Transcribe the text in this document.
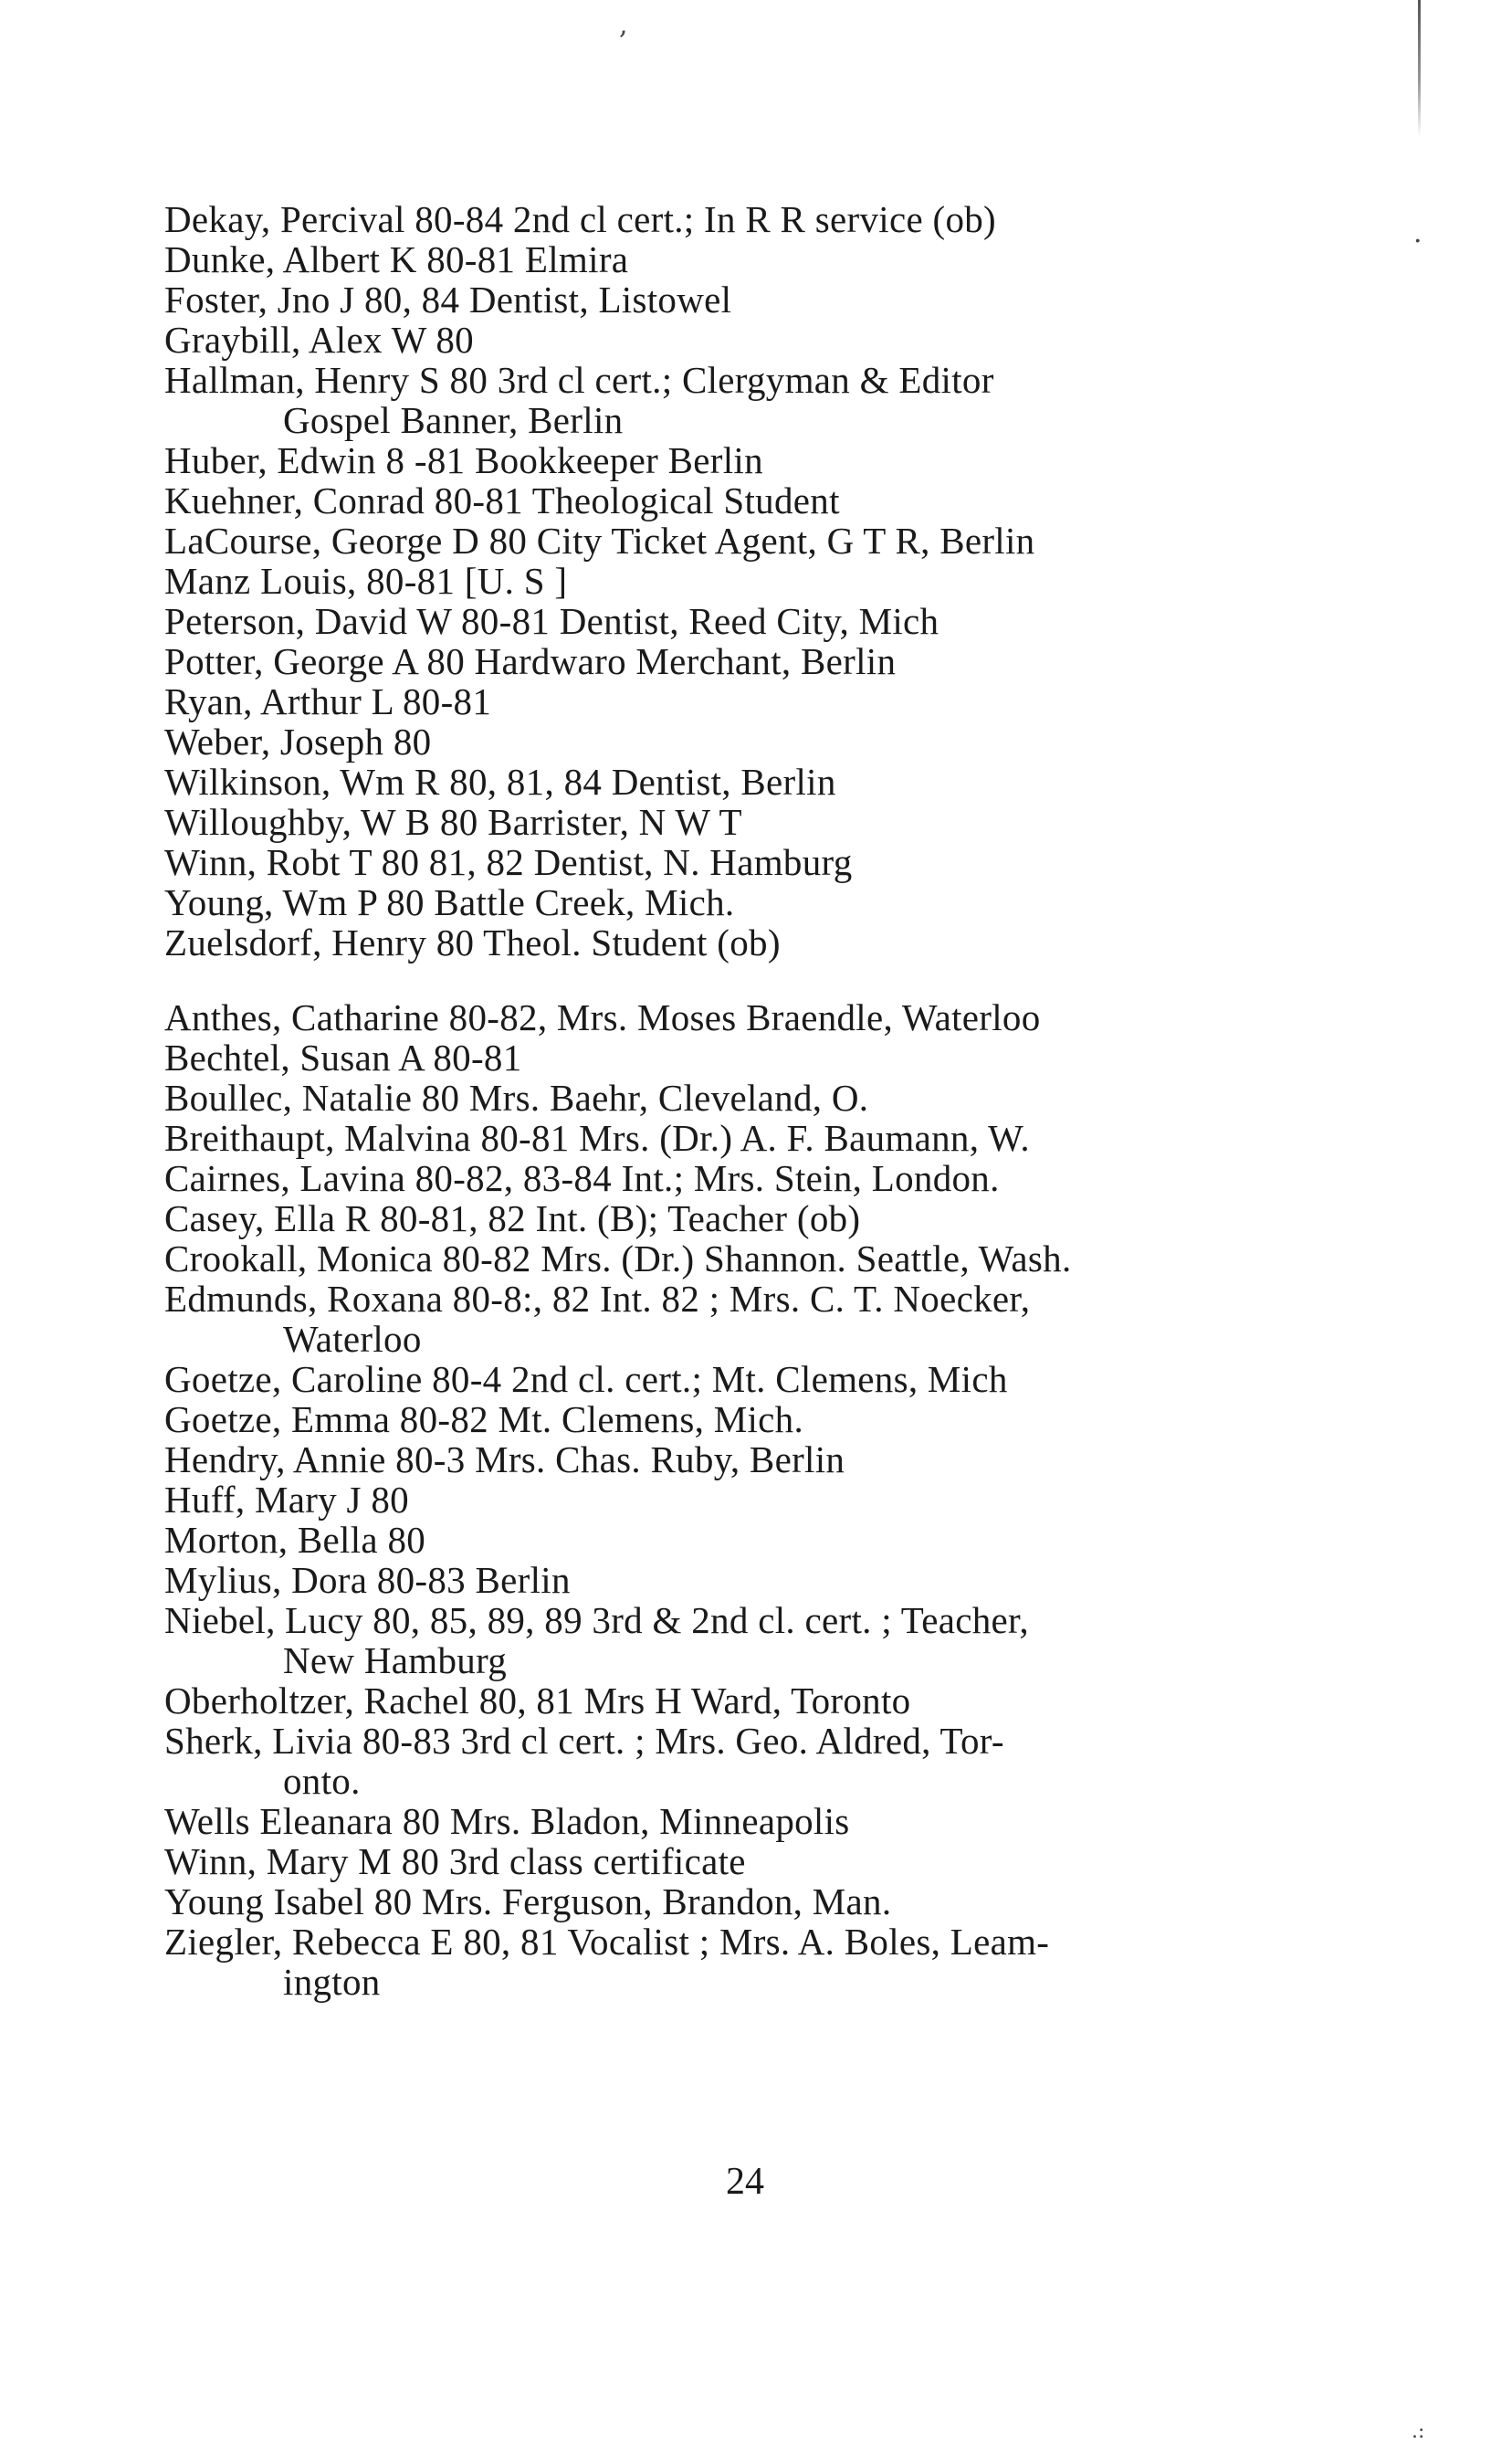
,
.
.:
Dekay, Percival 80-84 2nd cl cert.; In R R service (ob)
Dunke, Albert K 80-81 Elmira
Foster, Jno J 80, 84 Dentist, Listowel
Graybill, Alex W 80
Hallman, Henry S 80 3rd cl cert.; Clergyman & Editor
Gospel Banner, Berlin
Huber, Edwin 8 -81 Bookkeeper Berlin
Kuehner, Conrad 80-81 Theological Student
LaCourse, George D 80 City Ticket Agent, G T R, Berlin
Manz Louis, 80-81 [U. S ]
Peterson, David W 80-81 Dentist, Reed City, Mich
Potter, George A 80 Hardwaro Merchant, Berlin
Ryan, Arthur L 80-81
Weber, Joseph 80
Wilkinson, Wm R 80, 81, 84 Dentist, Berlin
Willoughby, W B 80 Barrister, N W T
Winn, Robt T 80 81, 82 Dentist, N. Hamburg
Young, Wm P 80 Battle Creek, Mich.
Zuelsdorf, Henry 80 Theol. Student (ob)
Anthes, Catharine 80-82, Mrs. Moses Braendle, Waterloo
Bechtel, Susan A 80-81
Boullec, Natalie 80 Mrs. Baehr, Cleveland, O.
Breithaupt, Malvina 80-81 Mrs. (Dr.) A. F. Baumann, W.
Cairnes, Lavina 80-82, 83-84 Int.; Mrs. Stein, London.
Casey, Ella R 80-81, 82 Int. (B); Teacher (ob)
Crookall, Monica 80-82 Mrs. (Dr.) Shannon. Seattle, Wash.
Edmunds, Roxana 80-8:, 82 Int. 82 ; Mrs. C. T. Noecker,
Waterloo
Goetze, Caroline 80-4 2nd cl. cert.; Mt. Clemens, Mich
Goetze, Emma 80-82 Mt. Clemens, Mich.
Hendry, Annie 80-3 Mrs. Chas. Ruby, Berlin
Huff, Mary J 80
Morton, Bella 80
Mylius, Dora 80-83 Berlin
Niebel, Lucy 80, 85, 89, 89 3rd & 2nd cl. cert. ; Teacher,
New Hamburg
Oberholtzer, Rachel 80, 81 Mrs H Ward, Toronto
Sherk, Livia 80-83 3rd cl cert. ; Mrs. Geo. Aldred, Tor-
onto.
Wells Eleanara 80 Mrs. Bladon, Minneapolis
Winn, Mary M 80 3rd class certificate
Young Isabel 80 Mrs. Ferguson, Brandon, Man.
Ziegler, Rebecca E 80, 81 Vocalist ; Mrs. A. Boles, Leam-
ington
24
